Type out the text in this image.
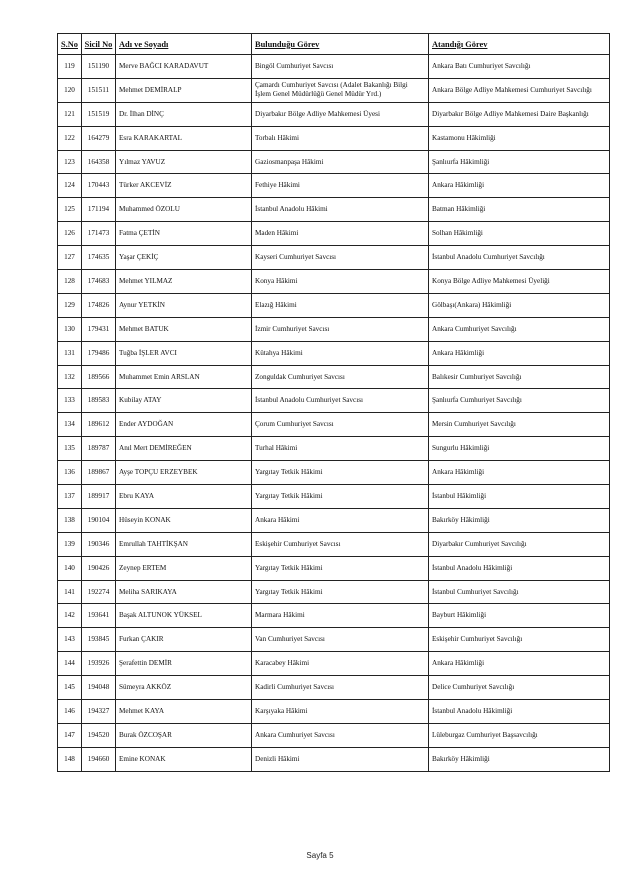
S.No	Sicil No	Adı ve Soyadı	Bulunduğu Görev	Atandığı Görev
119	151190	Merve BAĞCI KARADAVUT	Bingöl Cumhuriyet Savcısı	Ankara Batı Cumhuriyet Savcılığı
120	151511	Mehmet DEMİRALP	Çamardı Cumhuriyet Savcısı (Adalet Bakanlığı Bilgi İşlem Genel Müdürlüğü Genel Müdür Yrd.)	Ankara Bölge Adliye Mahkemesi Cumhuriyet Savcılığı
121	151519	Dr. İlhan DİNÇ	Diyarbakır Bölge Adliye Mahkemesi Üyesi	Diyarbakır Bölge Adliye Mahkemesi Daire Başkanlığı
122	164279	Esra KARAKARTAL	Torbalı Hâkimi	Kastamonu Hâkimliği
123	164358	Yılmaz YAVUZ	Gaziosmanpaşa Hâkimi	Şanlıurfa Hâkimliği
124	170443	Türker AKCEVİZ	Fethiye Hâkimi	Ankara Hâkimliği
125	171194	Muhammed ÖZOLU	İstanbul Anadolu Hâkimi	Batman Hâkimliği
126	171473	Fatma ÇETİN	Maden Hâkimi	Solhan Hâkimliği
127	174635	Yaşar ÇEKİÇ	Kayseri Cumhuriyet Savcısı	İstanbul Anadolu Cumhuriyet Savcılığı
128	174683	Mehmet YILMAZ	Konya Hâkimi	Konya Bölge Adliye Mahkemesi Üyeliği
129	174826	Aynur YETKİN	Elazığ Hâkimi	Gölbaşı(Ankara) Hâkimliği
130	179431	Mehmet BATUK	İzmir Cumhuriyet Savcısı	Ankara Cumhuriyet Savcılığı
131	179486	Tuğba İŞLER AVCI	Kütahya Hâkimi	Ankara Hâkimliği
132	189566	Muhammet Emin ARSLAN	Zonguldak Cumhuriyet Savcısı	Balıkesir Cumhuriyet Savcılığı
133	189583	Kubilay ATAY	İstanbul Anadolu Cumhuriyet Savcısı	Şanlıurfa Cumhuriyet Savcılığı
134	189612	Ender AYDOĞAN	Çorum Cumhuriyet Savcısı	Mersin Cumhuriyet Savcılığı
135	189787	Anıl Mert DEMİREĞEN	Turhal Hâkimi	Sungurlu Hâkimliği
136	189867	Ayşe TOPÇU ERZEYBEK	Yargıtay Tetkik Hâkimi	Ankara Hâkimliği
137	189917	Ebru KAYA	Yargıtay Tetkik Hâkimi	İstanbul Hâkimliği
138	190104	Hüseyin KONAK	Ankara Hâkimi	Bakırköy Hâkimliği
139	190346	Emrullah TAHTİKŞAN	Eskişehir Cumhuriyet Savcısı	Diyarbakır Cumhuriyet Savcılığı
140	190426	Zeynep ERTEM	Yargıtay Tetkik Hâkimi	İstanbul Anadolu Hâkimliği
141	192274	Meliha SARIKAYA	Yargıtay Tetkik Hâkimi	İstanbul Cumhuriyet Savcılığı
142	193641	Başak ALTUNOK YÜKSEL	Marmara Hâkimi	Bayburt Hâkimliği
143	193845	Furkan ÇAKIR	Van Cumhuriyet Savcısı	Eskişehir Cumhuriyet Savcılığı
144	193926	Şerafettin DEMİR	Karacabey Hâkimi	Ankara Hâkimliği
145	194048	Sümeyra AKKÖZ	Kadirli Cumhuriyet Savcısı	Delice Cumhuriyet Savcılığı
146	194327	Mehmet KAYA	Karşıyaka Hâkimi	İstanbul Anadolu Hâkimliği
147	194520	Burak ÖZCOŞAR	Ankara Cumhuriyet Savcısı	Lüleburgaz Cumhuriyet Başsavcılığı
148	194660	Emine KONAK	Denizli Hâkimi	Bakırköy Hâkimliği
Sayfa 5
